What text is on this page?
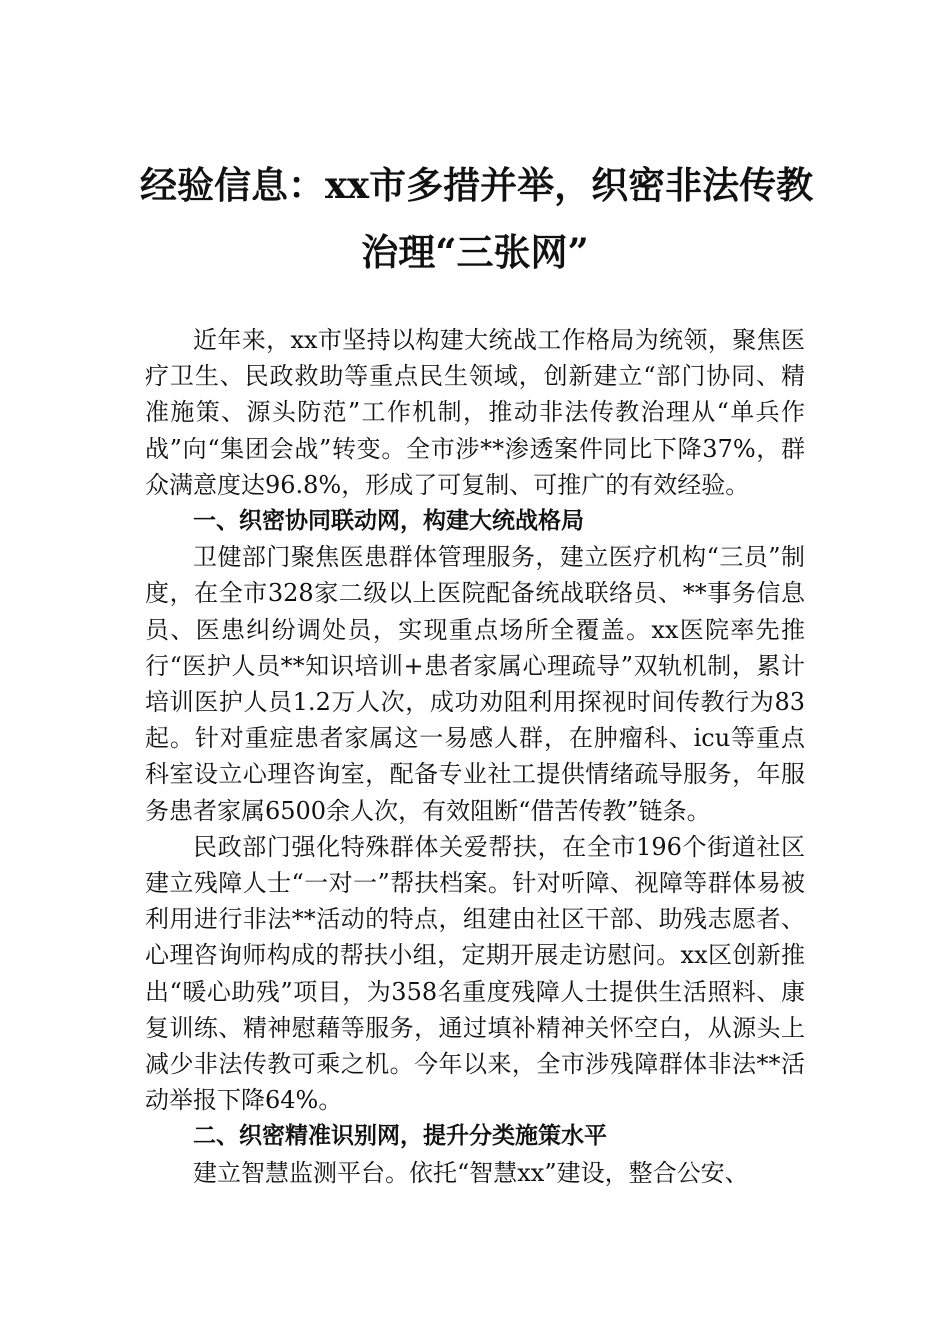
经验信息：xx市多措并举，织密非法传教
治理“三张网”

近年来，xx市坚持以构建大统战工作格局为统领，聚焦医疗卫生、民政救助等重点民生领域，创新建立“部门协同、精准施策、源头防范”工作机制，推动非法传教治理从“单兵作战”向“集团会战”转变。全市涉**渗透案件同比下降37%，群众满意度达96.8%，形成了可复制、可推广的有效经验。

一、织密协同联动网，构建大统战格局

卫健部门聚焦医患群体管理服务，建立医疗机构“三员”制度，在全市328家二级以上医院配备统战联络员、**事务信息员、医患纠纷调处员，实现重点场所全覆盖。xx医院率先推行“医护人员**知识培训+患者家属心理疏导”双轨机制，累计培训医护人员1.2万人次，成功劝阻利用探视时间传教行为83起。针对重症患者家属这一易感人群，在肿瘤科、icu等重点科室设立心理咨询室，配备专业社工提供情绪疏导服务，年服务患者家属6500余人次，有效阻断“借苦传教”链条。

民政部门强化特殊群体关爱帮扶，在全市196个街道社区建立残障人士“一对一”帮扶档案。针对听障、视障等群体易被利用进行非法**活动的特点，组建由社区干部、助残志愿者、心理咨询师构成的帮扶小组，定期开展走访慰问。xx区创新推出“暖心助残”项目，为358名重度残障人士提供生活照料、康复训练、精神慰藉等服务，通过填补精神关怀空白，从源头上减少非法传教可乘之机。今年以来，全市涉残障群体非法**活动举报下降64%。

二、织密精准识别网，提升分类施策水平

建立智慧监测平台。依托“智慧xx”建设，整合公安、
